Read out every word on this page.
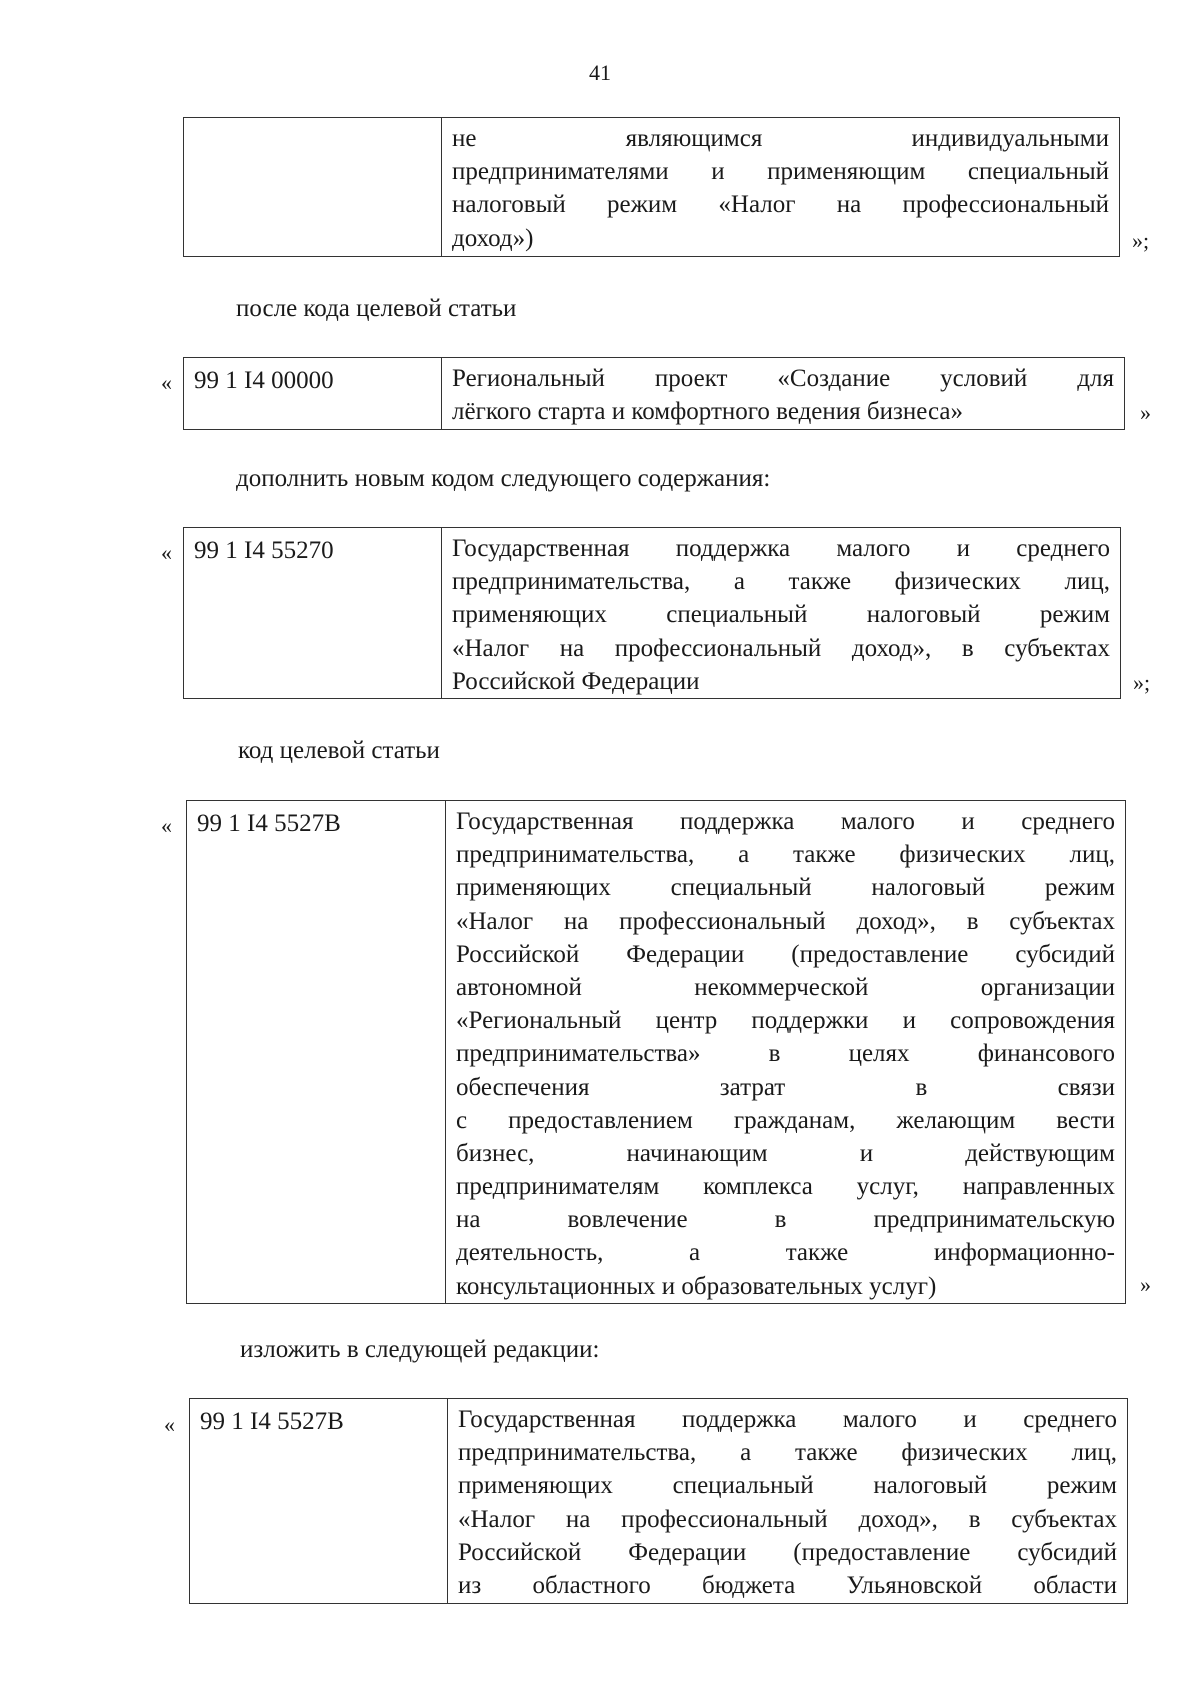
41
не являющимся индивидуальными
предпринимателями и применяющим специальный
налоговый режим «Налог на профессиональный
доход»)	»;
после кода целевой статьи
« 99 1 I4 00000	Региональный проект «Создание условий для
лёгкого старта и комфортного ведения бизнеса»	»
дополнить новым кодом следующего содержания:
« 99 1 I4 55270	Государственная поддержка малого и среднего
предпринимательства, а также физических лиц,
применяющих специальный налоговый режим
«Налог на профессиональный доход», в субъектах
Российской Федерации	»;
код целевой статьи
«	99 1 I4 5527B	Государственная поддержка малого и среднего
предпринимательства, а также физических лиц,
применяющих специальный налоговый режим
«Налог на профессиональный доход», в субъектах
Российской Федерации (предоставление субсидий
автономной некоммерческой организации
«Региональный центр поддержки и сопровождения
предпринимательства» в целях финансового
обеспечения затрат в связи
с предоставлением гражданам, желающим вести
бизнес, начинающим и действующим
предпринимателям комплекса услуг, направленных
на вовлечение в предпринимательскую
деятельность, а также информационно-
консультационных и образовательных услуг)	»
изложить в следующей редакции:
«	99 1 I4 5527B	Государственная поддержка малого и среднего
предпринимательства, а также физических лиц,
применяющих специальный налоговый режим
«Налог на профессиональный доход», в субъектах
Российской Федерации (предоставление субсидий
из областного бюджета Ульяновской области
